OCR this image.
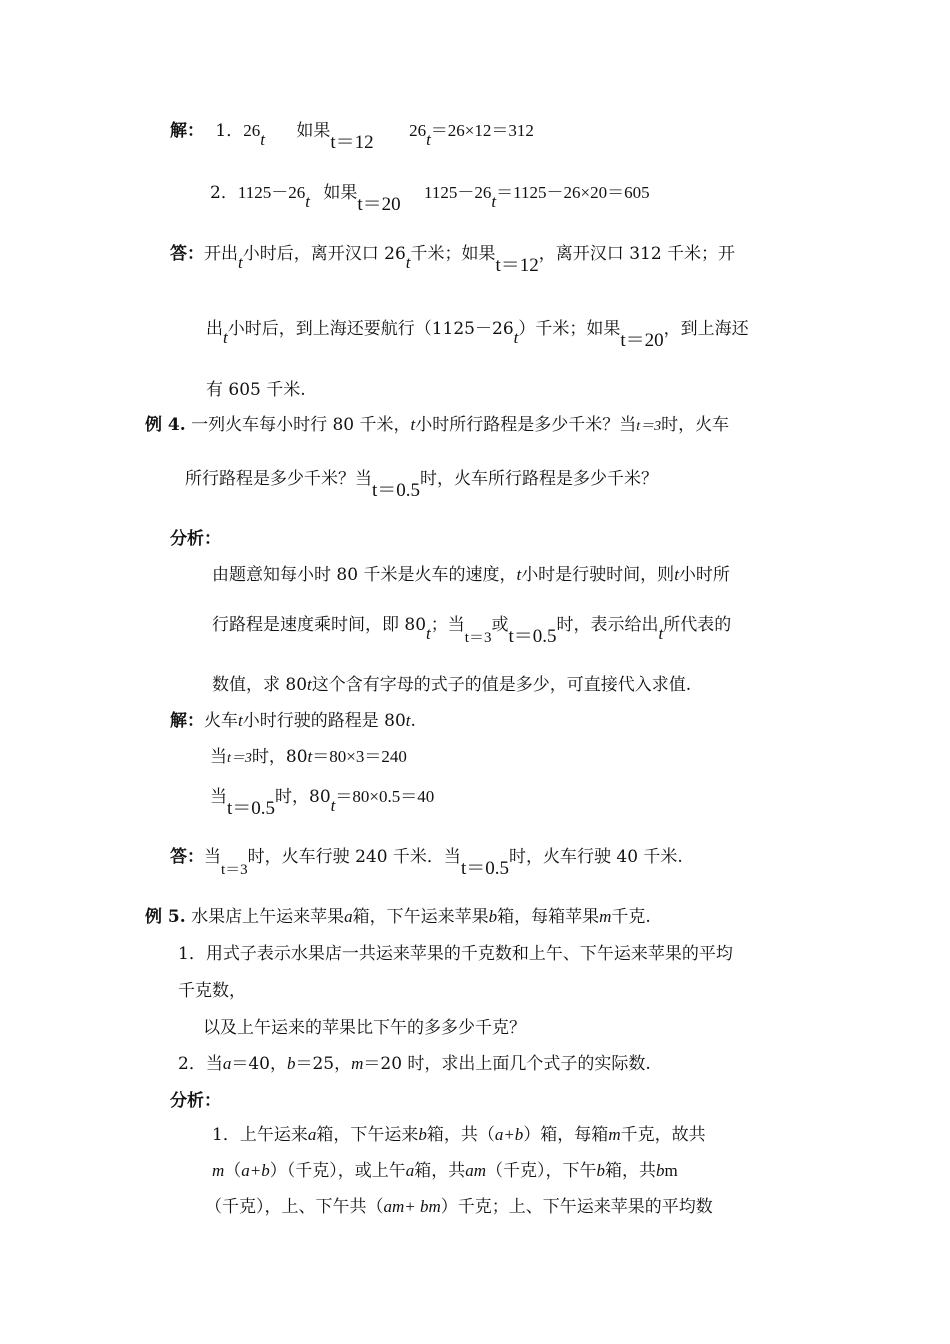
解： 1．26t 如果t＝12 26t＝26×12＝312
2．1125－26t 如果t＝20 1125－26t＝1125－26×20＝605
答：开出t小时后，离开汉口 26t千米；如果t＝12，离开汉口 312 千米；开
出t小时后，到上海还要航行（1125－26t）千米；如果t＝20，到上海还
有 605 千米.
例 4. 一列火车每小时行 80 千米，t小时所行路程是多少千米？当t＝3时，火车
所行路程是多少千米？当t＝0.5时，火车所行路程是多少千米？
分析：
由题意知每小时 80 千米是火车的速度，t小时是行驶时间，则t小时所
行路程是速度乘时间，即 80t；当t＝3或t＝0.5时，表示给出t所代表的
数值，求 80t这个含有字母的式子的值是多少，可直接代入求值.
解：火车t小时行驶的路程是 80t.
当t＝3时，80t＝80×3＝240
当t＝0.5时，80t＝80×0.5＝40
答：当t＝3时，火车行驶 240 千米．当t＝0.5时，火车行驶 40 千米.
例 5. 水果店上午运来苹果a箱，下午运来苹果b箱，每箱苹果m千克.
1．用式子表示水果店一共运来苹果的千克数和上午、下午运来苹果的平均
千克数，
以及上午运来的苹果比下午的多多少千克？
2．当a＝40，b＝25，m＝20 时，求出上面几个式子的实际数.
分析：
1．上午运来a箱，下午运来b箱，共（a+b）箱，每箱m千克，故共
m（a+b）（千克），或上午a箱，共am（千克），下午b箱，共bm
（千克），上、下午共（am+ bm）千克；上、下午运来苹果的平均数
